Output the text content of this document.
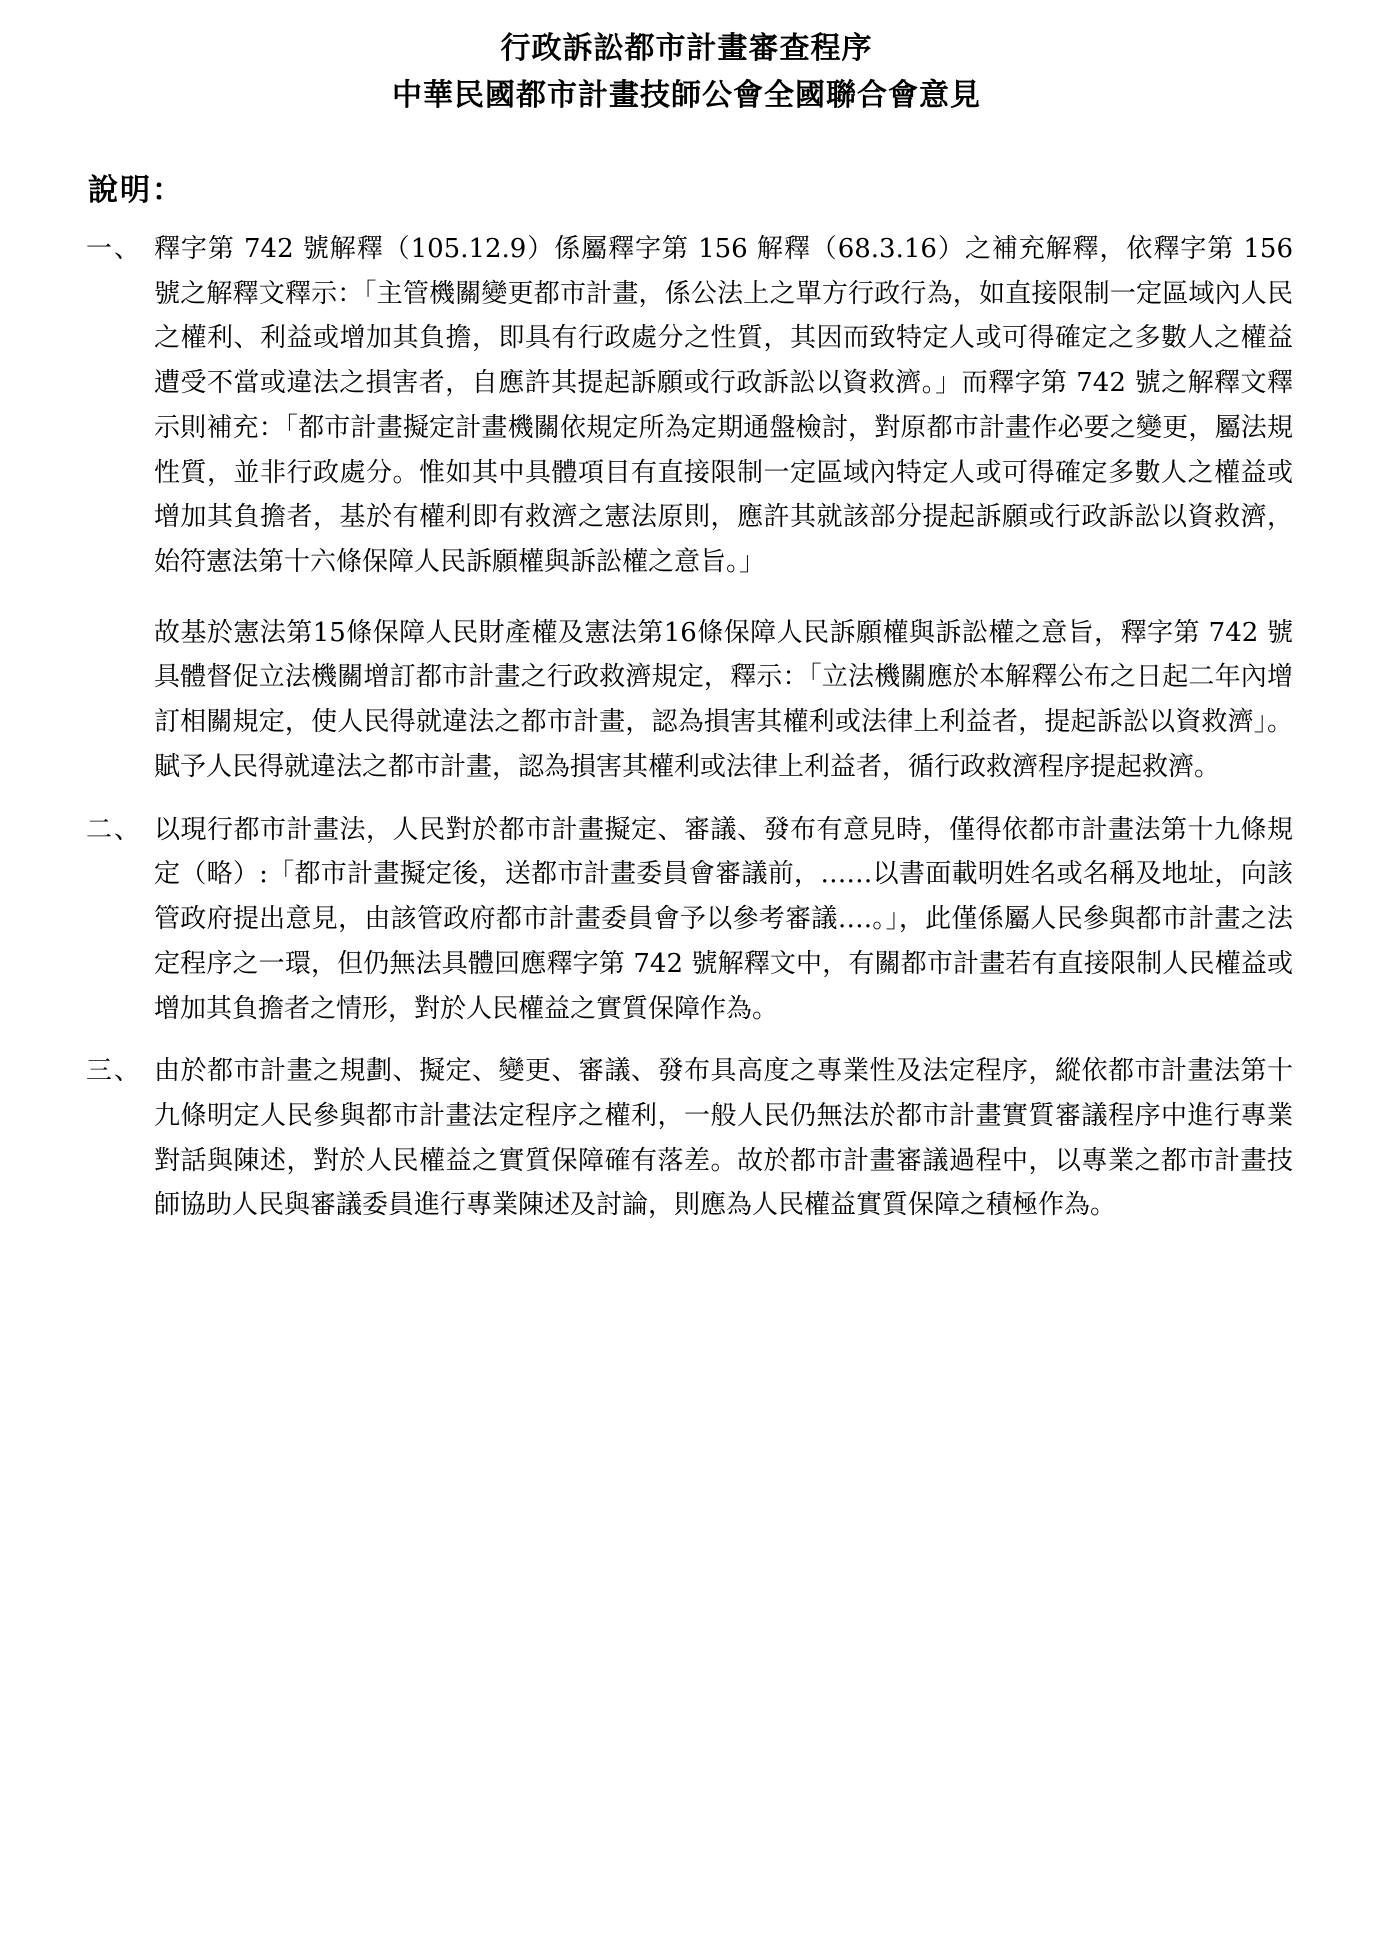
行政訴訟都市計畫審查程序
中華民國都市計畫技師公會全國聯合會意見
說明：
一、 釋字第 742 號解釋（105.12.9）係屬釋字第 156 解釋（68.3.16）之補充解釋，依釋字第 156 號之解釋文釋示：「主管機關變更都市計畫，係公法上之單方行政行為，如直接限制一定區域內人民之權利、利益或增加其負擔，即具有行政處分之性質，其因而致特定人或可得確定之多數人之權益遭受不當或違法之損害者，自應許其提起訴願或行政訴訟以資救濟。」而釋字第 742 號之解釋文釋示則補充：「都市計畫擬定計畫機關依規定所為定期通盤檢討，對原都市計畫作必要之變更，屬法規性質，並非行政處分。惟如其中具體項目有直接限制一定區域內特定人或可得確定多數人之權益或增加其負擔者，基於有權利即有救濟之憲法原則，應許其就該部分提起訴願或行政訴訟以資救濟，始符憲法第十六條保障人民訴願權與訴訟權之意旨。」

故基於憲法第15條保障人民財產權及憲法第16條保障人民訴願權與訴訟權之意旨，釋字第 742 號具體督促立法機關增訂都市計畫之行政救濟規定，釋示：「立法機關應於本解釋公布之日起二年內增訂相關規定，使人民得就違法之都市計畫，認為損害其權利或法律上利益者，提起訴訟以資救濟」。賦予人民得就違法之都市計畫，認為損害其權利或法律上利益者，循行政救濟程序提起救濟。

二、 以現行都市計畫法，人民對於都市計畫擬定、審議、發布有意見時，僅得依都市計畫法第十九條規定（略）:「都市計畫擬定後，送都市計畫委員會審議前，……以書面載明姓名或名稱及地址，向該管政府提出意見，由該管政府都市計畫委員會予以參考審議….。」，此僅係屬人民參與都市計畫之法定程序之一環，但仍無法具體回應釋字第 742 號解釋文中，有關都市計畫若有直接限制人民權益或增加其負擔者之情形，對於人民權益之實質保障作為。

三、 由於都市計畫之規劃、擬定、變更、審議、發布具高度之專業性及法定程序，縱依都市計畫法第十九條明定人民參與都市計畫法定程序之權利，一般人民仍無法於都市計畫實質審議程序中進行專業對話與陳述，對於人民權益之實質保障確有落差。故於都市計畫審議過程中，以專業之都市計畫技師協助人民與審議委員進行專業陳述及討論，則應為人民權益實質保障之積極作為。
